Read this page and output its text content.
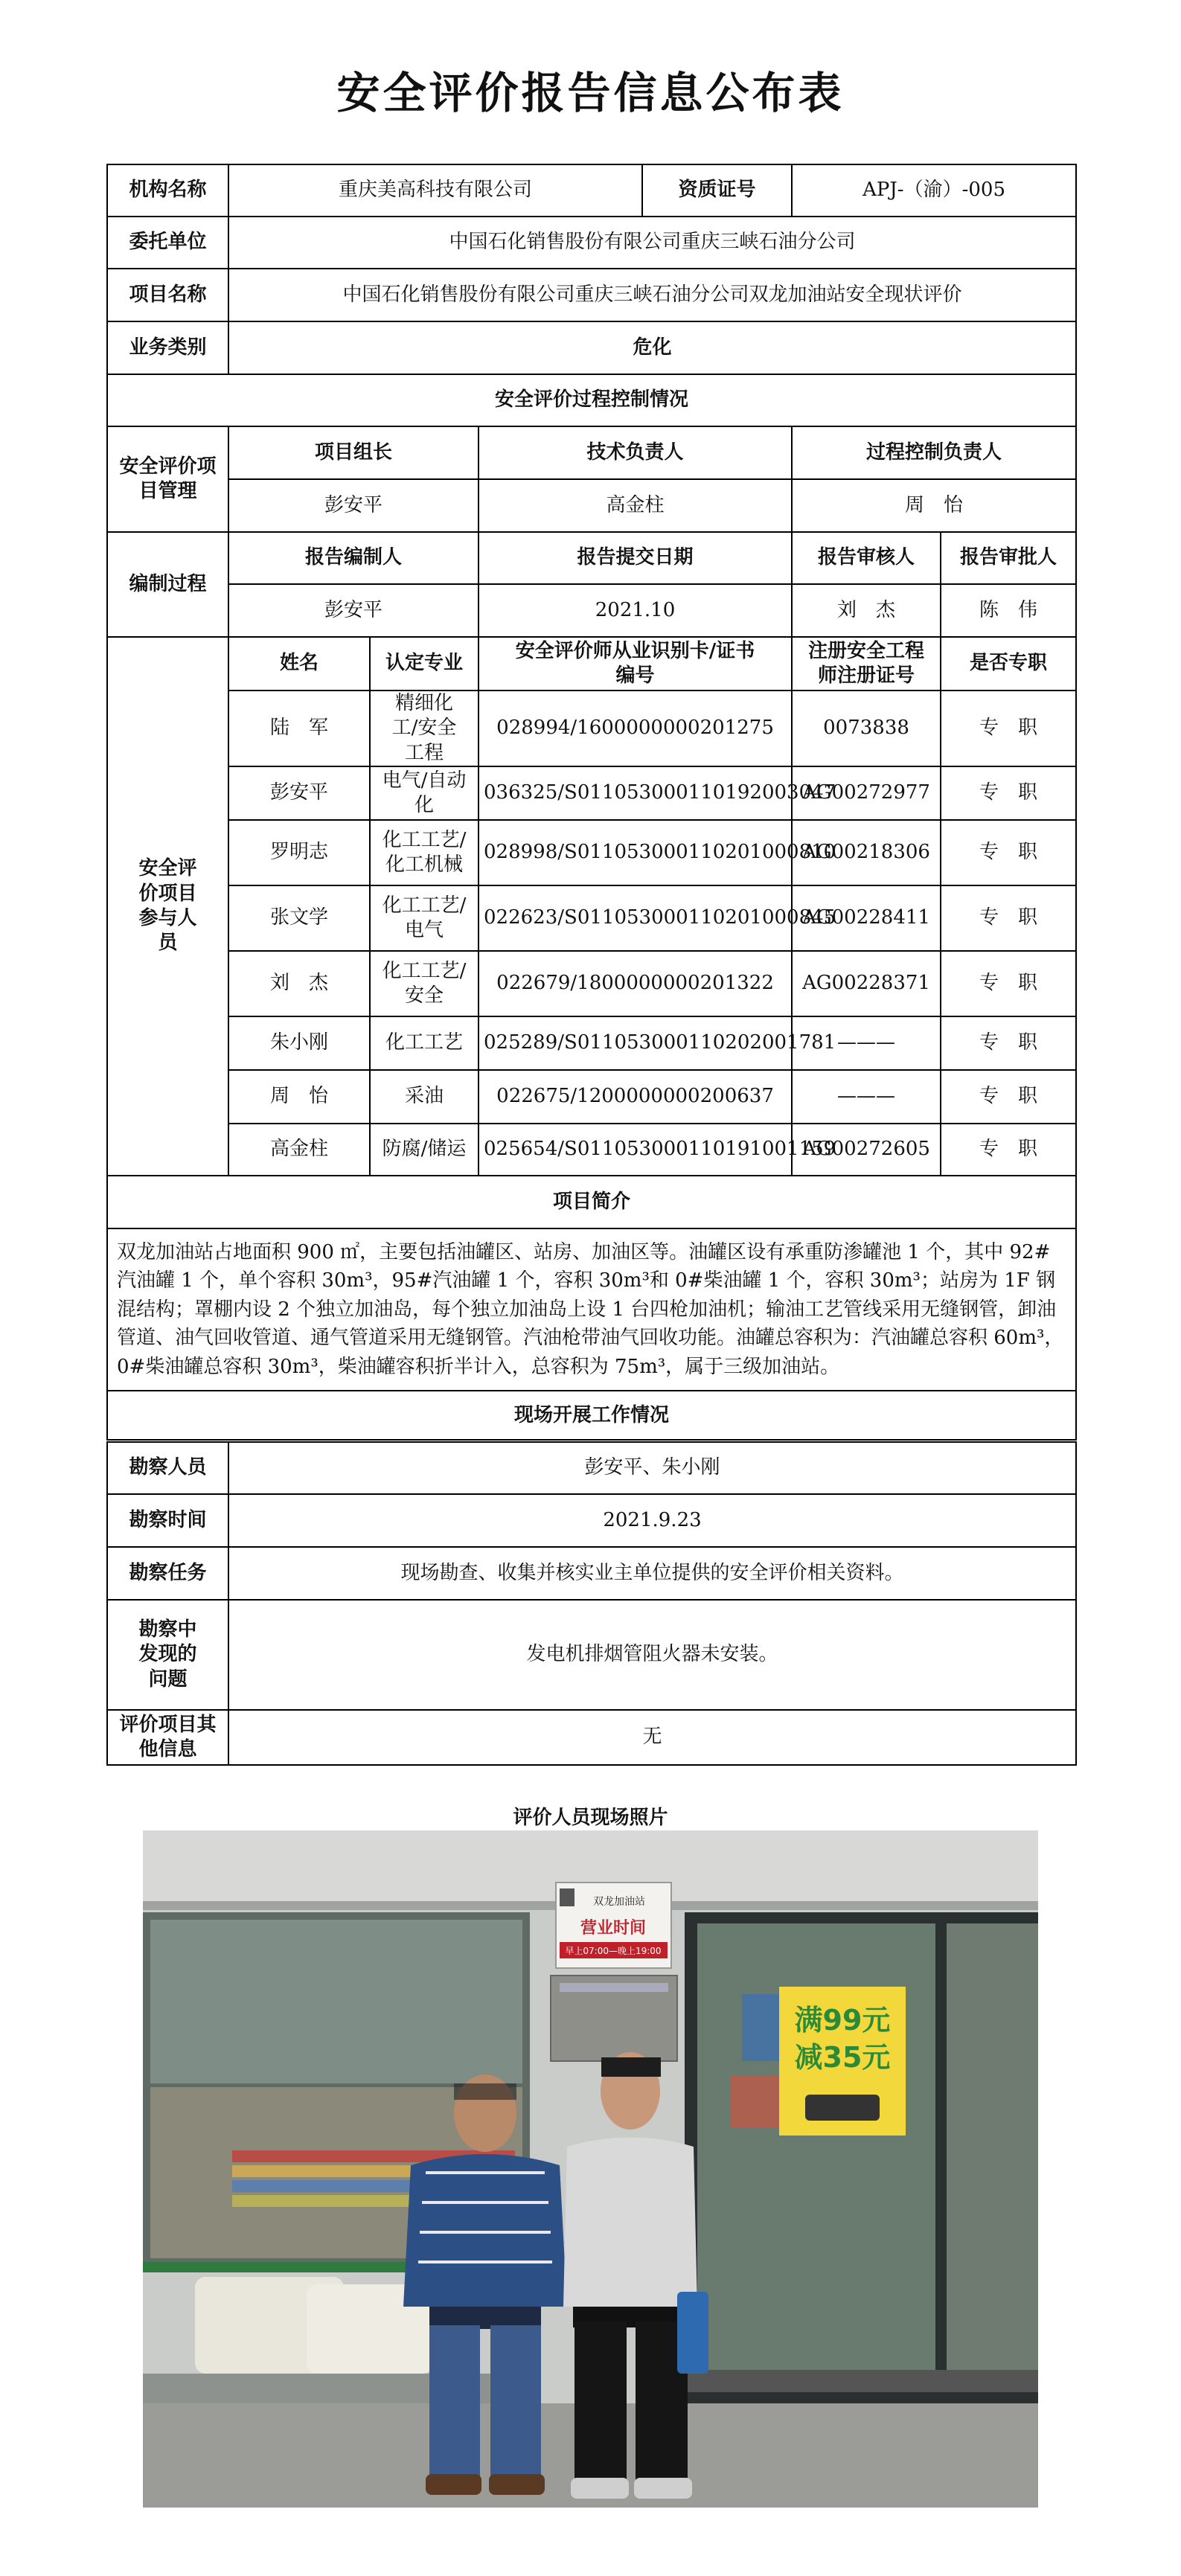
安全评价报告信息公布表
机构名称	重庆美高科技有限公司			资质证号	APJ-（渝）-005	
委托单位	中国石化销售股份有限公司重庆三峡石油分公司					
项目名称	中国石化销售股份有限公司重庆三峡石油分公司双龙加油站安全现状评价					
业务类别	危化					
安全评价过程控制情况						
安全评价项目管理	项目组长		技术负责人		过程控制负责人	
	彭安平		高金柱		周　怡	
编制过程	报告编制人		报告提交日期		报告审核人	报告审批人
	彭安平		2021.10		刘　杰	陈　伟
安全评价项目参与人员	姓名	认定专业	安全评价师从业识别卡/证书编号		注册安全工程师注册证号	是否专职
	陆　军	精细化工/安全工程	028994/1600000000201275		0073838	专　职
	彭安平	电气/自动化	036325/S011053000110192003047		AG00272977	专　职
	罗明志	化工工艺/化工机械	028998/S011053000110201000810		AG00218306	专　职
	张文学	化工工艺/电气	022623/S011053000110201000845		AG00228411	专　职
	刘　杰	化工工艺/安全	022679/1800000000201322		AG00228371	专　职
	朱小刚	化工工艺	025289/S011053000110202001781		———	专　职
	周　怡	采油	022675/1200000000200637		———	专　职
	高金柱	防腐/储运	025654/S011053000110191001159		AG00272605	专　职
项目简介						
双龙加油站占地面积 900 ㎡，主要包括油罐区、站房、加油区等。油罐区设有承重防渗罐池 1 个，其中 92#汽油罐 1 个，单个容积 30m³，95#汽油罐 1 个，容积 30m³和 0#柴油罐 1 个，容积 30m³；站房为 1F 钢混结构；罩棚内设 2 个独立加油岛，每个独立加油岛上设 1 台四枪加油机；输油工艺管线采用无缝钢管，卸油管道、油气回收管道、通气管道采用无缝钢管。汽油枪带油气回收功能。油罐总容积为：汽油罐总容积 60m³，0#柴油罐总容积 30m³，柴油罐容积折半计入，总容积为 75m³，属于三级加油站。						
现场开展工作情况						
勘察人员	彭安平、朱小刚
勘察时间	2021.9.23
勘察任务	现场勘查、收集并核实业主单位提供的安全评价相关资料。
勘察中发现的问题	发电机排烟管阻火器未安装。
评价项目其他信息	无
评价人员现场照片
双龙加油站
营业时间
早上07:00—晚上19:00
满99元
减35元
